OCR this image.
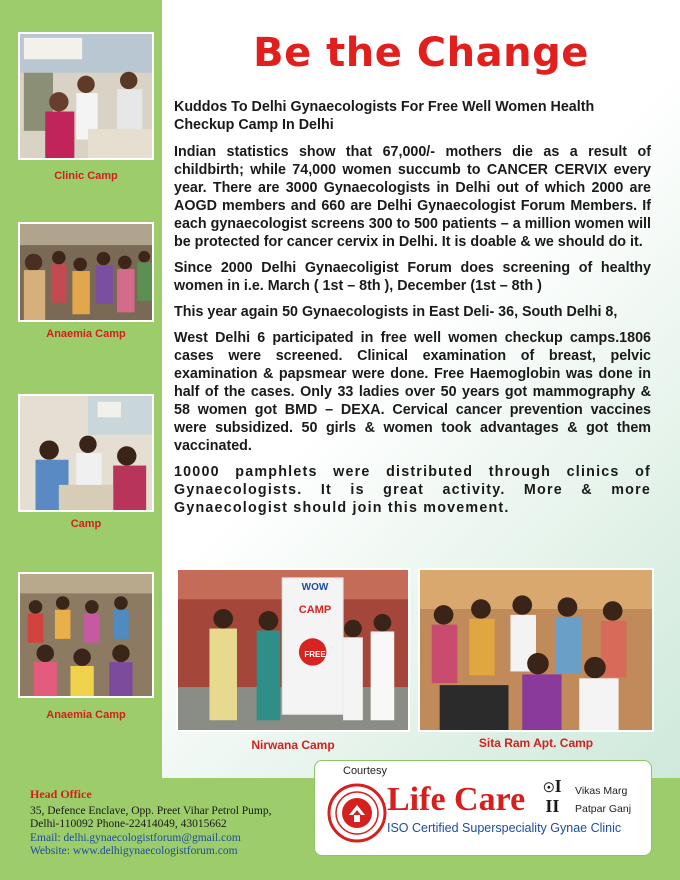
Be the Change

Kuddos To Delhi Gynaecologists For Free Well Women Health Checkup Camp In Delhi

Indian statistics show that 67,000/- mothers die as a result of childbirth; while 74,000 women succumb to CANCER CERVIX every year. There are 3000 Gynaecologists in Delhi out of which 2000 are AOGD members and 660 are Delhi Gynaecologist Forum Members. If each gynaecologist screens 300 to 500 patients – a million women will be protected for cancer cervix in Delhi. It is doable & we should do it.

Since 2000 Delhi Gynaecoligist Forum does screening of healthy women in i.e. March ( 1st – 8th ), December (1st – 8th )

This year again 50 Gynaecologists in East Deli- 36, South Delhi 8,

West Delhi 6 participated in free well women checkup camps.1806 cases were screened. Clinical examination of breast, pelvic examination & papsmear were done. Free Haemoglobin was done in half of the cases. Only 33 ladies over 50 years got mammography & 58 women got BMD – DEXA. Cervical cancer prevention vaccines were subsidized. 50 girls & women took advantages & got them vaccinated.

10000 pamphlets were distributed through clinics of Gynaecologists. It is great activity. More & more Gynaecologist should join this movement.

Clinic Camp
Anaemia Camp
Camp
Anaemia Camp
WOW
CAMP
FREE
Nirwana Camp	Sita Ram Apt. Camp
Head Office
35, Defence Enclave, Opp. Preet Vihar Petrol Pump,
Delhi-110092 Phone-22414049, 43015662
Email: delhi.gynaecologistforum@gmail.com
Website: www.delhigynaecologistforum.com
Courtesy
Life Care ☉I
II
Vikas Marg
Patpar Ganj
ISO Certified Superspeciality Gynae Clinic
